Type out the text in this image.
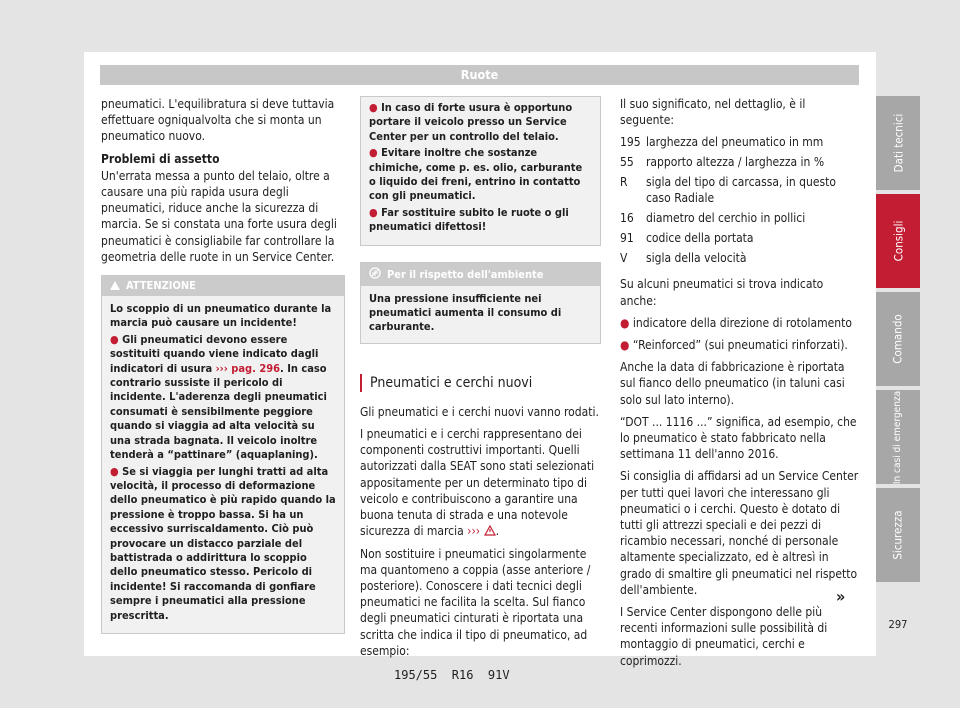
Ruote

pneumatici. L'equilibratura si deve tuttavia effettuare ogniqualvolta che si monta un pneumatico nuovo.

Problemi di assetto

Un'errata messa a punto del telaio, oltre a causare una più rapida usura degli pneumatici, riduce anche la sicurezza di marcia. Se si constata una forte usura degli pneumatici è consigliabile far controllare la geometria delle ruote in un Service Center.

ATTENZIONE

Lo scoppio di un pneumatico durante la marcia può causare un incidente!

● Gli pneumatici devono essere sostituiti quando viene indicato dagli indicatori di usura ››› pag. 296. In caso contrario sussiste il pericolo di incidente. L'aderenza degli pneumatici consumati è sensibilmente peggiore quando si viaggia ad alta velocità su una strada bagnata. Il veicolo inoltre tenderà a “pattinare” (aquaplaning).

● Se si viaggia per lunghi tratti ad alta velocità, il processo di deformazione dello pneumatico è più rapido quando la pressione è troppo bassa. Si ha un eccessivo surriscaldamento. Ciò può provocare un distacco parziale del battistrada o addirittura lo scoppio dello pneumatico stesso. Pericolo di incidente! Si raccomanda di gonfiare sempre i pneumatici alla pressione prescritta.

● In caso di forte usura è opportuno portare il veicolo presso un Service Center per un controllo del telaio.

● Evitare inoltre che sostanze chimiche, come p. es. olio, carburante o liquido dei freni, entrino in contatto con gli pneumatici.

● Far sostituire subito le ruote o gli pneumatici difettosi!

Per il rispetto dell'ambiente
Una pressione insufficiente nei pneumatici aumenta il consumo di carburante.
Pneumatici e cerchi nuovi

Gli pneumatici e i cerchi nuovi vanno rodati.

I pneumatici e i cerchi rappresentano dei componenti costruttivi importanti. Quelli autorizzati dalla SEAT sono stati selezionati appositamente per un determinato tipo di veicolo e contribuiscono a garantire una buona tenuta di strada e una notevole sicurezza di marcia ››› .

Non sostituire i pneumatici singolarmente ma quantomeno a coppia (asse anteriore / posteriore). Conoscere i dati tecnici degli pneumatici ne facilita la scelta. Sul fianco degli pneumatici cinturati è riportata una scritta che indica il tipo di pneumatico, ad esempio:

195/55  R16  91V

Il suo significato, nel dettaglio, è il seguente:

195	larghezza del pneumatico in mm
55	rapporto altezza / larghezza in %
R	sigla del tipo di carcassa, in questo caso Radiale
16	diametro del cerchio in pollici
91	codice della portata
V	sigla della velocità

Su alcuni pneumatici si trova indicato anche:

● indicatore della direzione di rotolamento

● “Reinforced” (sui pneumatici rinforzati).

Anche la data di fabbricazione è riportata sul fianco dello pneumatico (in taluni casi solo sul lato interno).

“DOT ... 1116 ...” significa, ad esempio, che lo pneumatico è stato fabbricato nella settimana 11 dell'anno 2016.

Si consiglia di affidarsi ad un Service Center per tutti quei lavori che interessano gli pneumatici o i cerchi. Questo è dotato di tutti gli attrezzi speciali e dei pezzi di ricambio necessari, nonché di personale altamente specializzato, ed è altresì in grado di smaltire gli pneumatici nel rispetto dell'ambiente.

I Service Center dispongono delle più recenti informazioni sulle possibilità di montaggio di pneumatici, cerchi e coprimozzi.

Dati tecnici
Consigli
Comando
In casi di emergenza
Sicurezza
»
297
